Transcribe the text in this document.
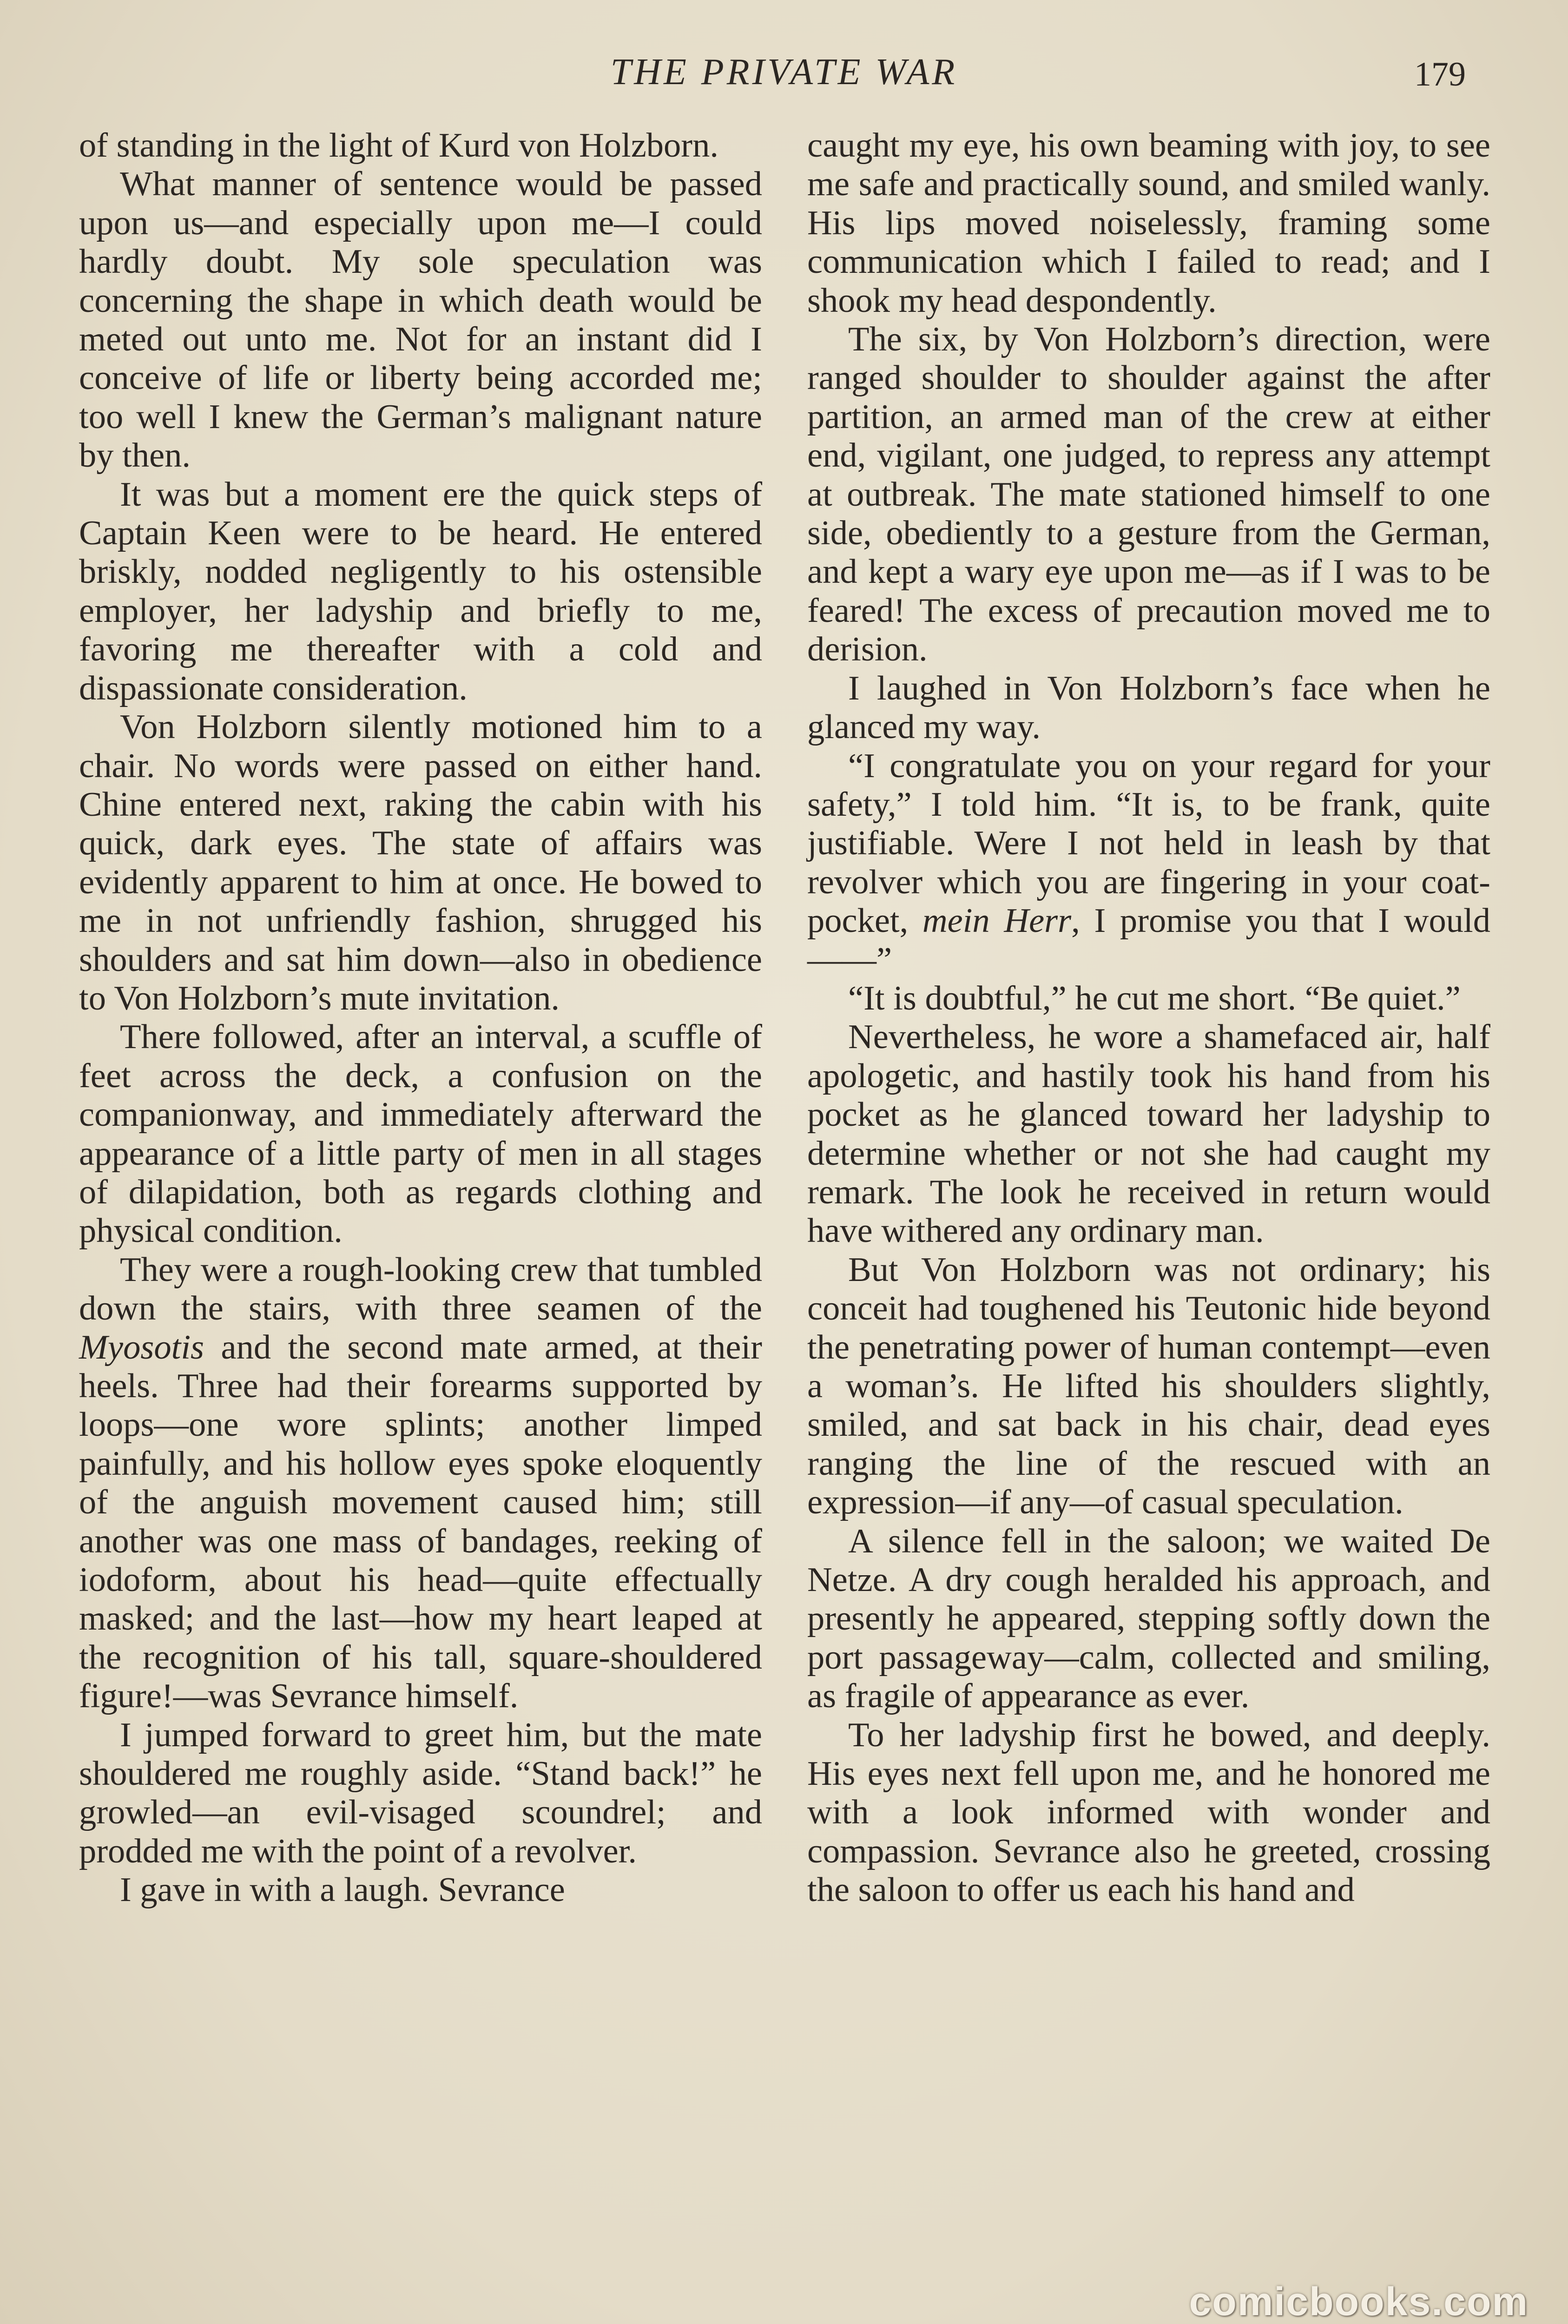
THE PRIVATE WAR	179

of standing in the light of Kurd von Holzborn.

What manner of sentence would be passed upon us—and especially upon me—I could hardly doubt. My sole speculation was concerning the shape in which death would be meted out unto me. Not for an instant did I conceive of life or liberty being accorded me; too well I knew the German’s malignant nature by then.

It was but a moment ere the quick steps of Captain Keen were to be heard. He entered briskly, nodded negligently to his ostensible employer, her ladyship and briefly to me, favoring me thereafter with a cold and dispassionate consideration.

Von Holzborn silently motioned him to a chair. No words were passed on either hand. Chine entered next, raking the cabin with his quick, dark eyes. The state of affairs was evidently apparent to him at once. He bowed to me in not unfriendly fashion, shrugged his shoulders and sat him down—also in obedience to Von Holzborn’s mute invitation.

There followed, after an interval, a scuffle of feet across the deck, a confusion on the companionway, and immediately afterward the appearance of a little party of men in all stages of dilapidation, both as regards clothing and physical condition.

They were a rough-looking crew that tumbled down the stairs, with three seamen of the Myosotis and the second mate armed, at their heels. Three had their forearms supported by loops—one wore splints; another limped painfully, and his hollow eyes spoke eloquently of the anguish movement caused him; still another was one mass of bandages, reeking of iodoform, about his head—quite effectually masked; and the last—how my heart leaped at the recognition of his tall, square-shouldered figure!—was Sevrance himself.

I jumped forward to greet him, but the mate shouldered me roughly aside. “Stand back!” he growled—an evil-visaged scoundrel; and prodded me with the point of a revolver.

I gave in with a laugh. Sevrance

caught my eye, his own beaming with joy, to see me safe and practically sound, and smiled wanly. His lips moved noiselessly, framing some communication which I failed to read; and I shook my head despondently.

The six, by Von Holzborn’s direction, were ranged shoulder to shoulder against the after partition, an armed man of the crew at either end, vigilant, one judged, to repress any attempt at outbreak. The mate stationed himself to one side, obediently to a gesture from the German, and kept a wary eye upon me—as if I was to be feared! The excess of precaution moved me to derision.

I laughed in Von Holzborn’s face when he glanced my way.

“I congratulate you on your regard for your safety,” I told him. “It is, to be frank, quite justifiable. Were I not held in leash by that revolver which you are fingering in your coat-pocket, mein Herr, I promise you that I would——”

“It is doubtful,” he cut me short. “Be quiet.”

Nevertheless, he wore a shamefaced air, half apologetic, and hastily took his hand from his pocket as he glanced toward her ladyship to determine whether or not she had caught my remark. The look he received in return would have withered any ordinary man.

But Von Holzborn was not ordinary; his conceit had toughened his Teutonic hide beyond the penetrating power of human contempt—even a woman’s. He lifted his shoulders slightly, smiled, and sat back in his chair, dead eyes ranging the line of the rescued with an expression—if any—of casual speculation.

A silence fell in the saloon; we waited De Netze. A dry cough heralded his approach, and presently he appeared, stepping softly down the port passageway—calm, collected and smiling, as fragile of appearance as ever.

To her ladyship first he bowed, and deeply. His eyes next fell upon me, and he honored me with a look informed with wonder and compassion. Sevrance also he greeted, crossing the saloon to offer us each his hand and

comicbooks.com
